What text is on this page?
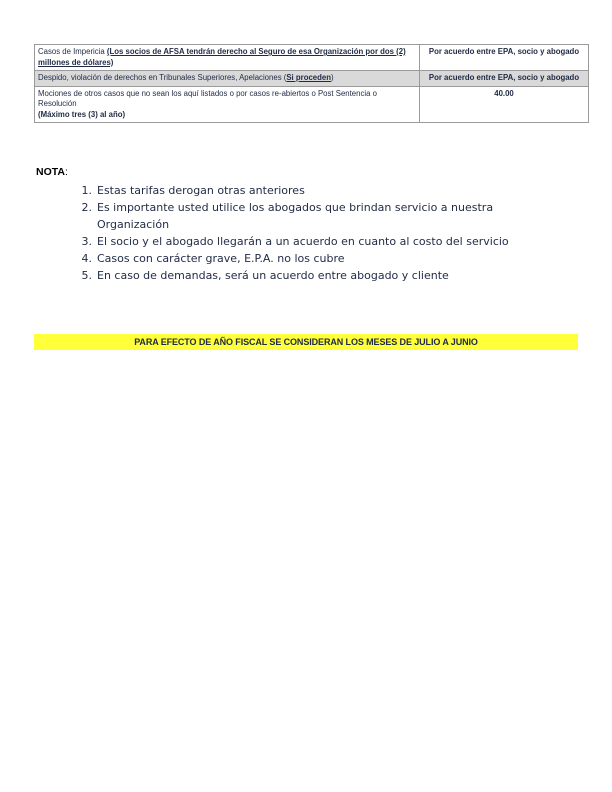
Casos de Impericia (Los socios de AFSA tendrán derecho al Seguro de esa Organización por dos (2) millones de dólares)	Por acuerdo entre EPA, socio y abogado
Despido, violación de derechos en Tribunales Superiores, Apelaciones (Si proceden)	Por acuerdo entre EPA, socio y abogado

Mociones de otros casos que no sean los aquí listados o por casos re-abiertos o Post Sentencia o Resolución
(Máximo tres (3) al año)	40.00
NOTA:
1. Estas tarifas derogan otras anteriores
2. Es importante usted utilice los abogados que brindan servicio a nuestra Organización
3. El socio y el abogado llegarán a un acuerdo en cuanto al costo del servicio
4. Casos con carácter grave, E.P.A. no los cubre
5. En caso de demandas, será un acuerdo entre abogado y cliente
PARA EFECTO DE AÑO FISCAL SE CONSIDERAN LOS MESES DE JULIO A JUNIO
